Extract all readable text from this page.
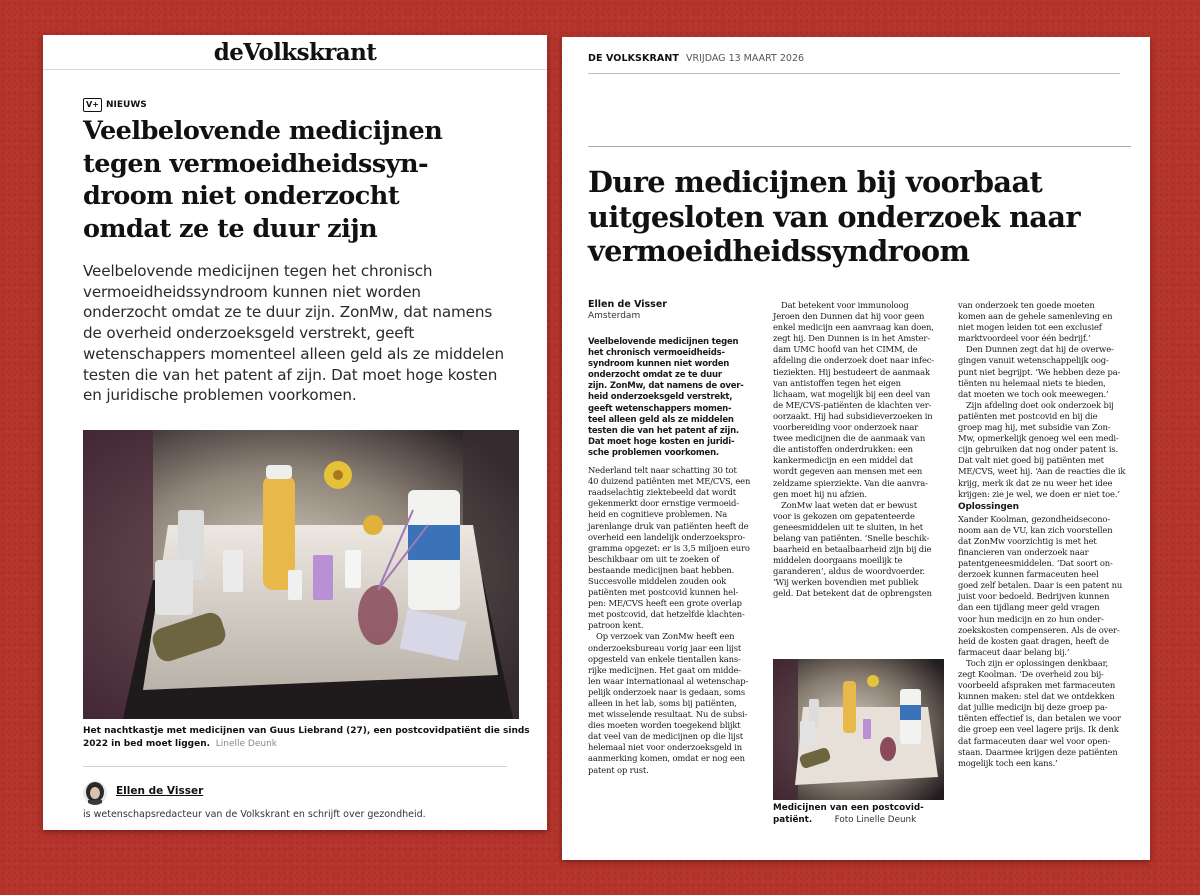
deVolkskrant
V+ NIEUWS
Veelbelovende medicijnen
tegen vermoeidheidssyn-
droom niet onderzocht
omdat ze te duur zijn
Veelbelovende medicijnen tegen het chronisch
vermoeidheidssyndroom kunnen niet worden
onderzocht omdat ze te duur zijn. ZonMw, dat namens
de overheid onderzoeksgeld verstrekt, geeft
wetenschappers momenteel alleen geld als ze middelen
testen die van het patent af zijn. Dat moet hoge kosten
en juridische problemen voorkomen.
Het nachtkastje met medicijnen van Guus Liebrand (27), een postcovidpatiënt die sinds
2022 in bed moet liggen. Linelle Deunk
Ellen de Visser
is wetenschapsredacteur van de Volkskrant en schrijft over gezondheid.
DE VOLKSKRANT VRIJDAG 13 MAART 2026
Dure medicijnen bij voorbaat
uitgesloten van onderzoek naar
vermoeidheidssyndroom
Ellen de Visser
Amsterdam
Veelbelovende medicijnen tegen
het chronisch vermoeidheids-
syndroom kunnen niet worden
onderzocht omdat ze te duur
zijn. ZonMw, dat namens de over-
heid onderzoeksgeld verstrekt,
geeft wetenschappers momen-
teel alleen geld als ze middelen
testen die van het patent af zijn.
Dat moet hoge kosten en juridi-
sche problemen voorkomen.
Nederland telt naar schatting 30 tot
40 duizend patiënten met ME/CVS, een
raadselachtig ziektebeeld dat wordt
gekenmerkt door ernstige vermoeid-
heid en cognitieve problemen. Na
jarenlange druk van patiënten heeft de
overheid een landelijk onderzoekspro-
gramma opgezet: er is 3,5 miljoen euro
beschikbaar om uit te zoeken of
bestaande medicijnen baat hebben.
Succesvolle middelen zouden ook
patiënten met postcovid kunnen hel-
pen: ME/CVS heeft een grote overlap
met postcovid, dat hetzelfde klachten-
patroon kent.
Op verzoek van ZonMw heeft een
onderzoeksbureau vorig jaar een lijst
opgesteld van enkele tientallen kans-
rijke medicijnen. Het gaat om midde-
len waar internationaal al wetenschap-
pelijk onderzoek naar is gedaan, soms
alleen in het lab, soms bij patiënten,
met wisselende resultaat. Nu de subsi-
dies moeten worden toegekend blijkt
dat veel van de medicijnen op die lijst
helemaal niet voor onderzoeksgeld in
aanmerking komen, omdat er nog een
patent op rust.
Dat betekent voor immunoloog
Jeroen den Dunnen dat hij voor geen
enkel medicijn een aanvraag kan doen,
zegt hij. Den Dunnen is in het Amster-
dam UMC hoofd van het CIMM, de
afdeling die onderzoek doet naar infec-
tieziekten. Hij bestudeert de aanmaak
van antistoffen tegen het eigen
lichaam, wat mogelijk bij een deel van
de ME/CVS-patiënten de klachten ver-
oorzaakt. Hij had subsidieverzoeken in
voorbereiding voor onderzoek naar
twee medicijnen die de aanmaak van
die antistoffen onderdrukken: een
kankermedicijn en een middel dat
wordt gegeven aan mensen met een
zeldzame spierziekte. Van die aanvra-
gen moet hij nu afzien.
ZonMw laat weten dat er bewust
voor is gekozen om gepatenteerde
geneesmiddelen uit te sluiten, in het
belang van patiënten. ‘Snelle beschik-
baarheid en betaalbaarheid zijn bij die
middelen doorgaans moeilijk te
garanderen’, aldus de woordvoerder.
‘Wij werken bovendien met publiek
geld. Dat betekent dat de opbrengsten
Medicijnen van een postcovid-
patiënt.	Foto Linelle Deunk
van onderzoek ten goede moeten
komen aan de gehele samenleving en
niet mogen leiden tot een exclusief
marktvoordeel voor één bedrijf.’
Den Dunnen zegt dat hij de overwe-
gingen vanuit wetenschappelijk oog-
punt niet begrijpt. ‘We hebben deze pa-
tiënten nu helemaal niets te bieden,
dat moeten we toch ook meewegen.’
Zijn afdeling doet ook onderzoek bij
patiënten met postcovid en bij die
groep mag hij, met subsidie van Zon-
Mw, opmerkelijk genoeg wel een medi-
cijn gebruiken dat nog onder patent is.
Dat valt niet goed bij patiënten met
ME/CVS, weet hij. ‘Aan de reacties die ik
krijg, merk ik dat ze nu weer het idee
krijgen: zie je wel, we doen er niet toe.’
Oplossingen
Xander Koolman, gezondheidsecono-
noom aan de VU, kan zich voorstellen
dat ZonMw voorzichtig is met het
financieren van onderzoek naar
patentgeneesmiddelen. ‘Dat soort on-
derzoek kunnen farmaceuten heel
goed zelf betalen. Daar is een patent nu
juist voor bedoeld. Bedrijven kunnen
dan een tijdlang meer geld vragen
voor hun medicijn en zo hun onder-
zoekskosten compenseren. Als de over-
heid de kosten gaat dragen, heeft de
farmaceut daar belang bij.’
Toch zijn er oplossingen denkbaar,
zegt Koolman. ‘De overheid zou bij-
voorbeeld afspraken met farmaceuten
kunnen maken: stel dat we ontdekken
dat jullie medicijn bij deze groep pa-
tiënten effectief is, dan betalen we voor
die groep een veel lagere prijs. Ik denk
dat farmaceuten daar wel voor open-
staan. Daarmee krijgen deze patiënten
mogelijk toch een kans.’
